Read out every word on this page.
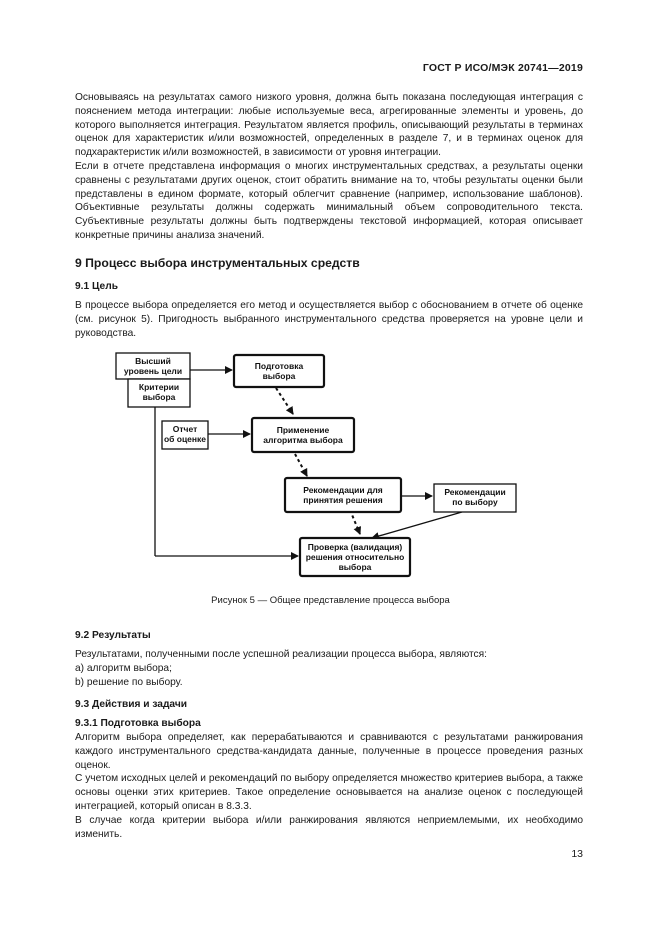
ГОСТ Р ИСО/МЭК 20741—2019

Основываясь на результатах самого низкого уровня, должна быть показана последующая интеграция с пояснением метода интеграции: любые используемые веса, агрегированные элементы и уровень, до которого выполняется интеграция. Результатом является профиль, описывающий результаты в терминах оценок для характеристик и/или возможностей, определенных в разделе 7, и в терминах оценок для подхарактеристик и/или возможностей, в зависимости от уровня интеграции.

Если в отчете представлена информация о многих инструментальных средствах, а результаты оценки сравнены с результатами других оценок, стоит обратить внимание на то, чтобы результаты оценки были представлены в едином формате, который облегчит сравнение (например, использование шаблонов). Объективные результаты должны содержать минимальный объем сопроводительного текста. Субъективные результаты должны быть подтверждены текстовой информацией, которая описывает конкретные причины анализа значений.

9 Процесс выбора инструментальных средств
9.1 Цель

В процессе выбора определяется его метод и осуществляется выбор с обоснованием в отчете об оценке (см. рисунок 5). Пригодность выбранного инструментального средства проверяется на уровне цели и руководства.

Высший
уровень цели
Критерии
выбора
Подготовка
выбора
Отчет
об оценке
Применение
алгоритма выбора
Рекомендации для
принятия решения
Рекомендации
по выбору
Проверка (валидация)
решения относительно
выбора
Рисунок 5 — Общее представление процесса выбора
9.2 Результаты

Результатами, полученными после успешной реализации процесса выбора, являются:

a) алгоритм выбора;

b) решение по выбору.

9.3 Действия и задачи
9.3.1 Подготовка выбора

Алгоритм выбора определяет, как перерабатываются и сравниваются с результатами ранжирования каждого инструментального средства-кандидата данные, полученные в процессе проведения разных оценок.

С учетом исходных целей и рекомендаций по выбору определяется множество критериев выбора, а также основы оценки этих критериев. Такое определение основывается на анализе оценок с последующей интеграцией, который описан в 8.3.3.

В случае когда критерии выбора и/или ранжирования являются неприемлемыми, их необходимо изменить.

13
